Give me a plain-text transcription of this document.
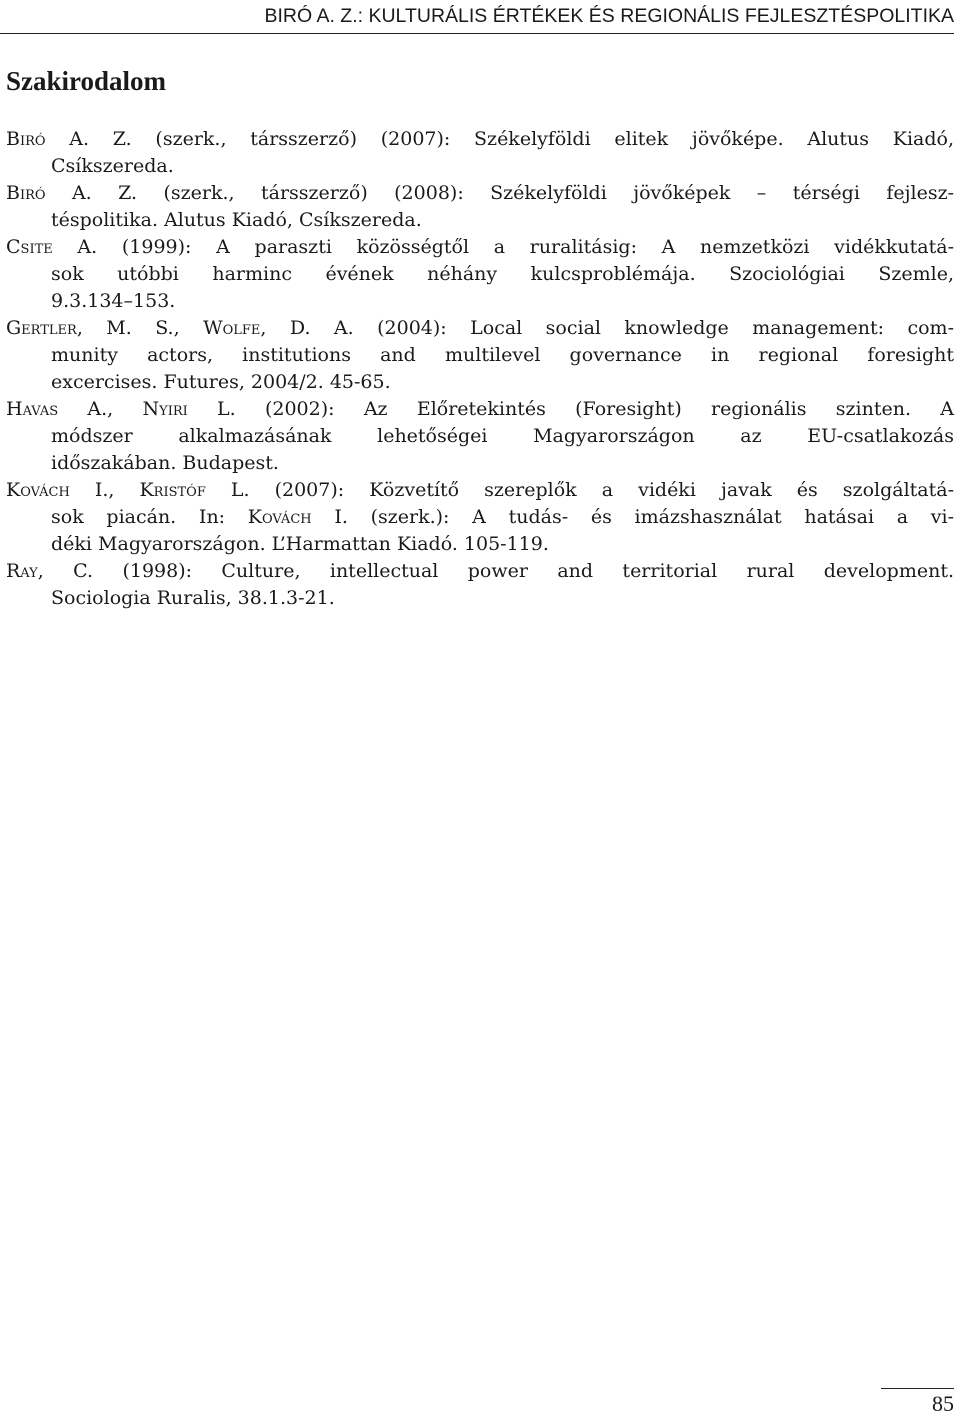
BIRÓ A. Z.: KULTURÁLIS ÉRTÉKEK ÉS REGIONÁLIS FEJLESZTÉSPOLITIKA
Szakirodalom
Biró A. Z. (szerk., társszerző) (2007): Székelyföldi elitek jövőképe. Alutus Kiadó,
Csíkszereda.
Biró A. Z. (szerk., társszerző) (2008): Székelyföldi jövőképek – térségi fejlesz-
téspolitika. Alutus Kiadó, Csíkszereda.
Csite A. (1999): A paraszti közösségtől a ruralitásig: A nemzetközi vidékkutatá-
sok utóbbi harminc évének néhány kulcsproblémája. Szociológiai Szemle,
9.3.134–153.
Gertler, M. S., Wolfe, D. A. (2004): Local social knowledge management: com-
munity actors, institutions and multilevel governance in regional foresight
excercises. Futures, 2004/2. 45-65.
Havas A., Nyiri L. (2002): Az Előretekintés (Foresight) regionális szinten. A
módszer alkalmazásának lehetőségei Magyarországon az EU-csatlakozás
időszakában. Budapest.
Kovách I., Kristóf L. (2007): Közvetítő szereplők a vidéki javak és szolgáltatá-
sok piacán. In: Kovách I. (szerk.): A tudás- és imázshasználat hatásai a vi-
déki Magyarországon. L’Harmattan Kiadó. 105-119.
Ray, C. (1998): Culture, intellectual power and territorial rural development.
Sociologia Ruralis, 38.1.3-21.
85
